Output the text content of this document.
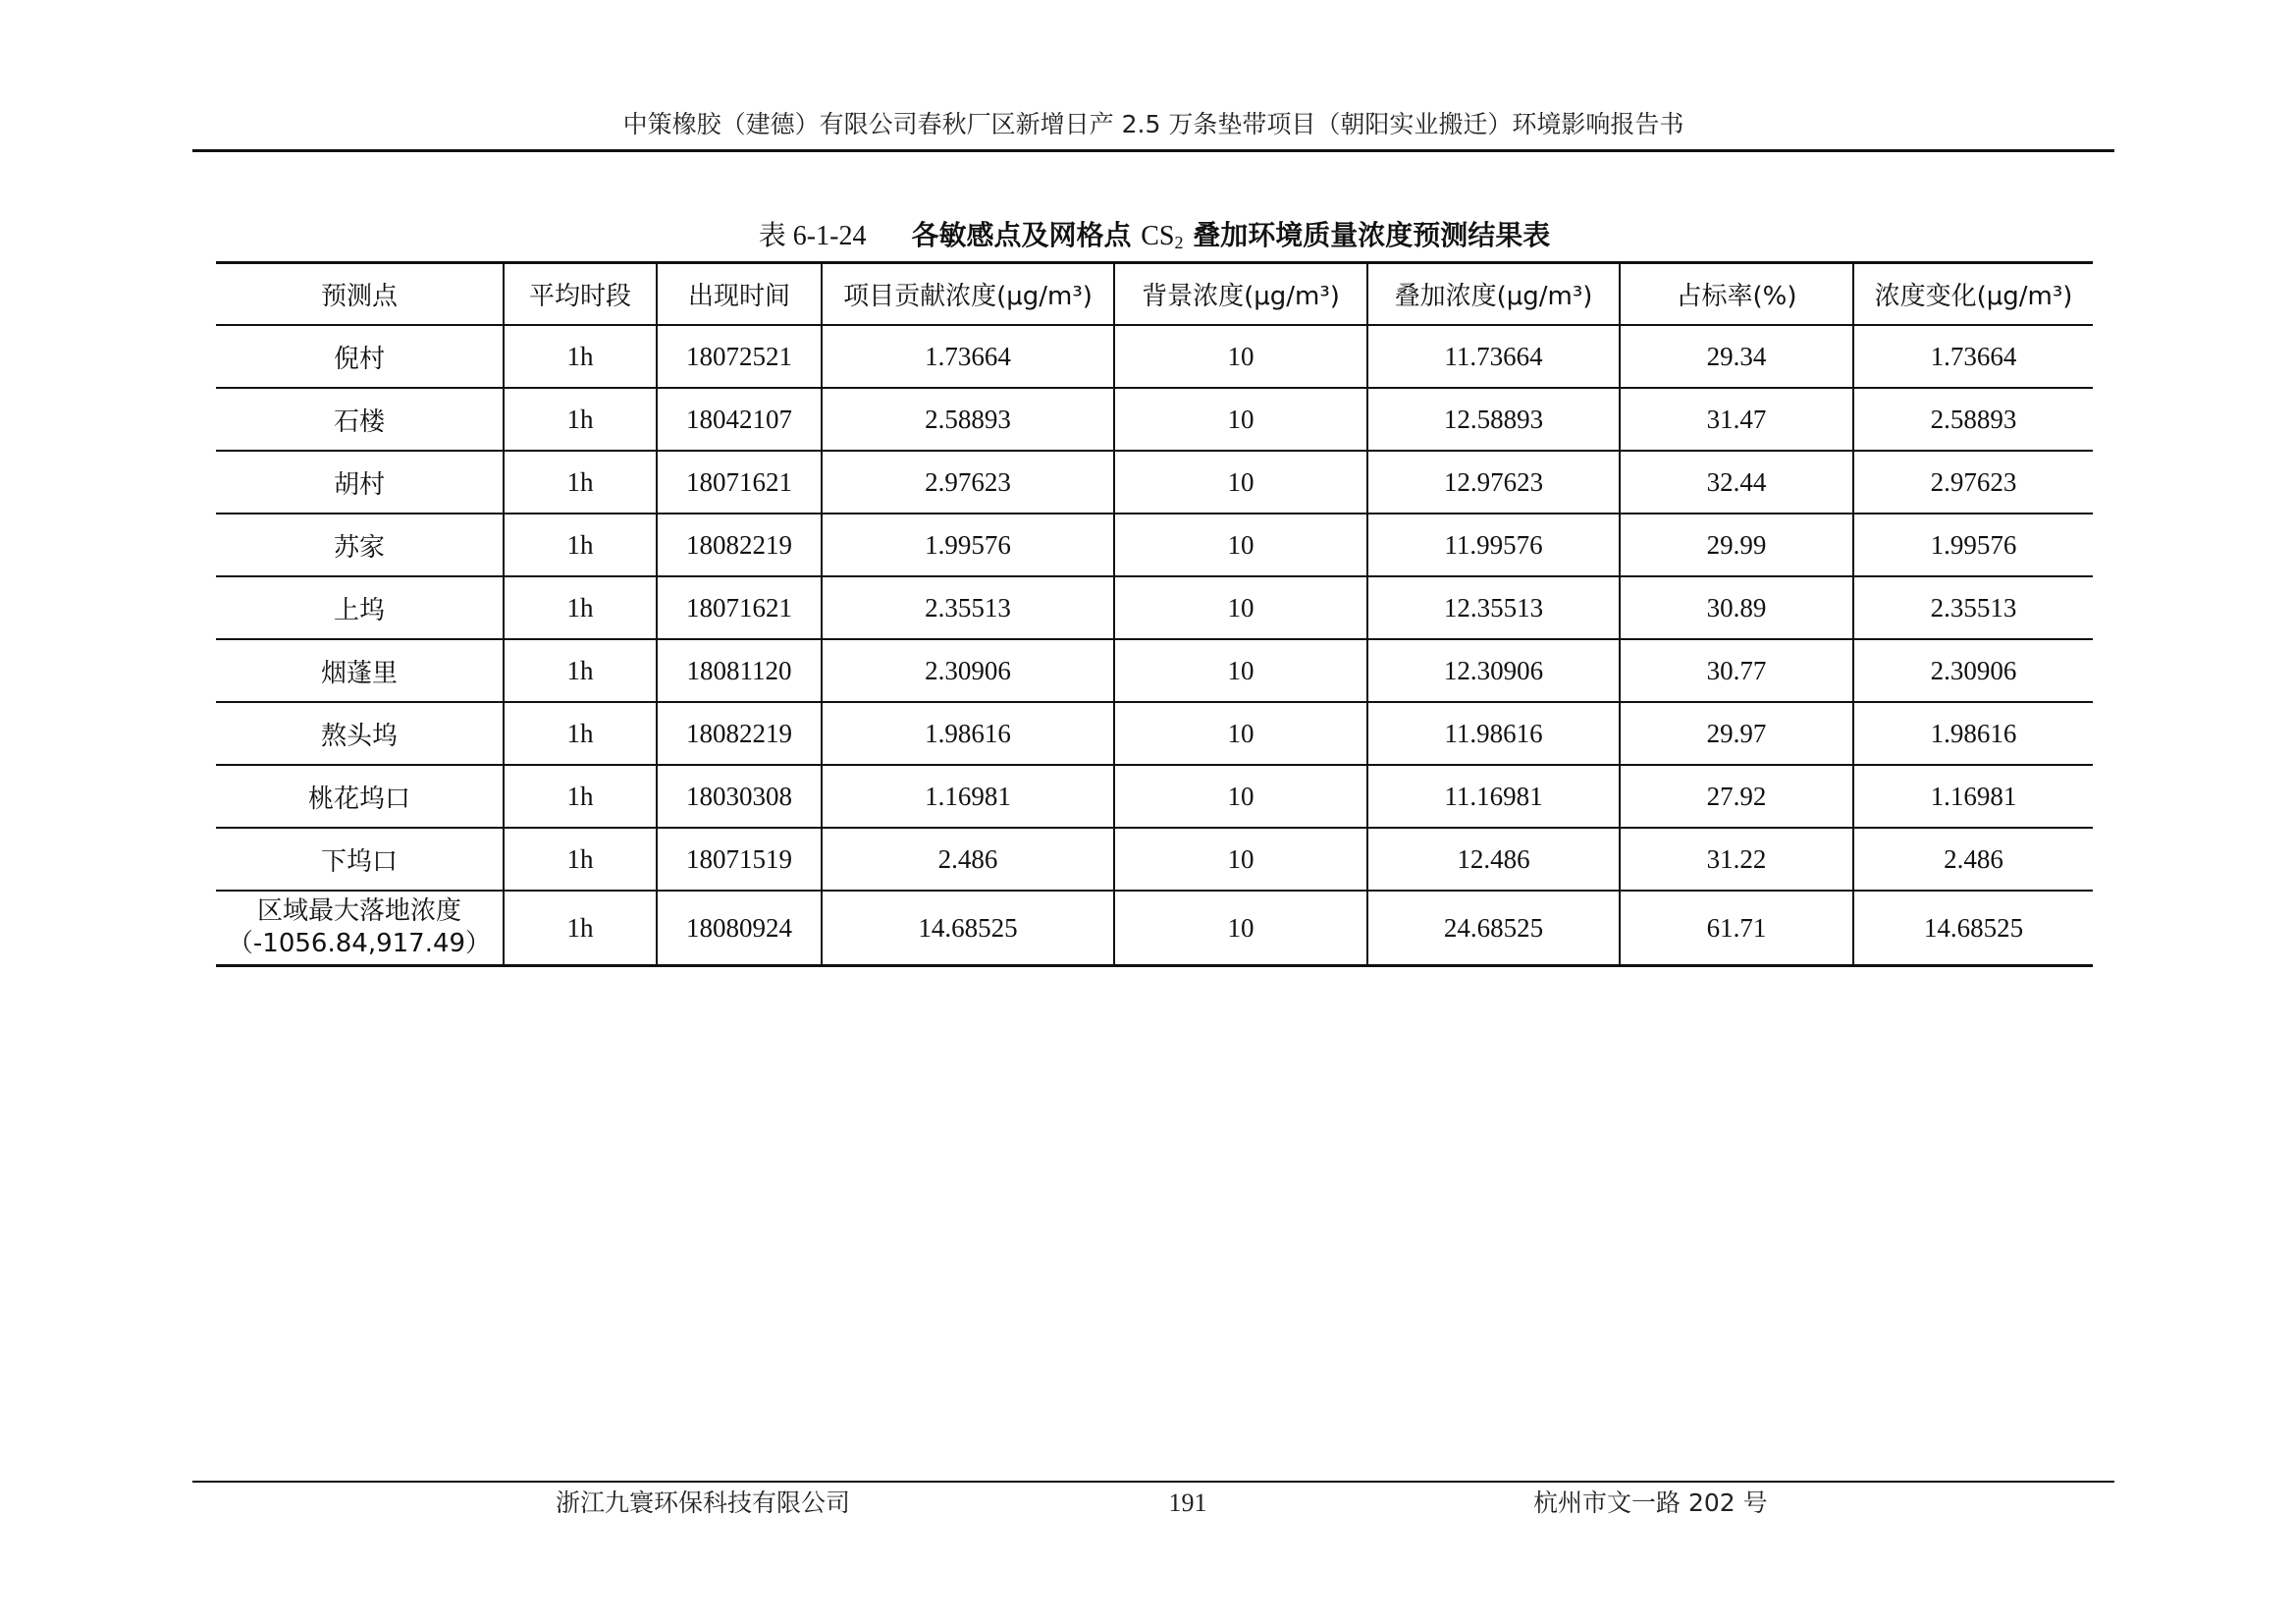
中策橡胶（建德）有限公司春秋厂区新增日产 2.5 万条垫带项目（朝阳实业搬迁）环境影响报告书
表 6-1-24 各敏感点及网格点 $CS_2$ 叠加环境质量浓度预测结果表
预测点	平均时段	出现时间	项目贡献浓度(μg/m³)	背景浓度(μg/m³)	叠加浓度(μg/m³)	占标率(%)	浓度变化(μg/m³)
倪村	1h	18072521	1.73664	10	11.73664	29.34	1.73664
石楼	1h	18042107	2.58893	10	12.58893	31.47	2.58893
胡村	1h	18071621	2.97623	10	12.97623	32.44	2.97623
苏家	1h	18082219	1.99576	10	11.99576	29.99	1.99576
上坞	1h	18071621	2.35513	10	12.35513	30.89	2.35513
烟蓬里	1h	18081120	2.30906	10	12.30906	30.77	2.30906
熬头坞	1h	18082219	1.98616	10	11.98616	29.97	1.98616
桃花坞口	1h	18030308	1.16981	10	11.16981	27.92	1.16981
下坞口	1h	18071519	2.486	10	12.486	31.22	2.486

区域最大落地浓度
（-1056.84,917.49）	1h	18080924	14.68525	10	24.68525	61.71	14.68525
浙江九寰环保科技有限公司	191	杭州市文一路 202 号
